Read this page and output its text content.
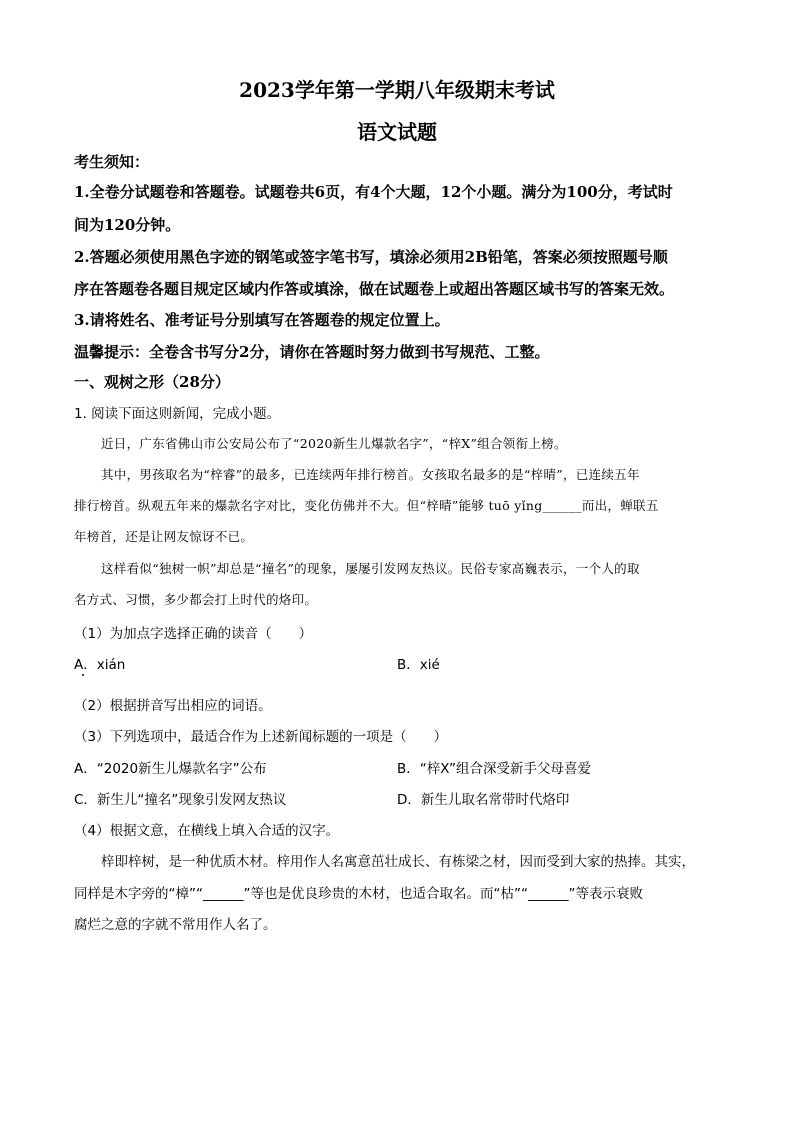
2023学年第一学期八年级期末考试
语文试题
考生须知：
1.全卷分试题卷和答题卷。试题卷共6页，有4个大题，12个小题。满分为100分，考试时
间为120分钟。
2.答题必须使用黑色字迹的钢笔或签字笔书写，填涂必须用2B铅笔，答案必须按照题号顺
序在答题卷各题目规定区域内作答或填涂，做在试题卷上或超出答题区域书写的答案无效。
3.请将姓名、准考证号分别填写在答题卷的规定位置上。
温馨提示：全卷含书写分2分，请你在答题时努力做到书写规范、工整。
一、观树之形（28分）
1. 阅读下面这则新闻，完成小题。
近日，广东省佛山市公安局公布了“2020新生儿爆款名字”，“梓X”组合领衔上榜。
其中，男孩取名为“梓睿”的最多，已连续两年排行榜首。女孩取名最多的是“梓晴”，已连续五年
排行榜首。纵观五年来的爆款名字对比，变化仿佛并不大。但“梓晴”能够 tuō yǐng______而出，蝉联五
年榜首，还是让网友惊讶不已。
这样看似“独树一帜”却总是“撞名”的现象，屡屡引发网友热议。民俗专家高巍表示，一个人的取
名方式、习惯，多少都会打上时代的烙印。
（1）为加点字选择正确的读音（　　）
A．xián	B．xié
（2）根据拼音写出相应的词语。
（3）下列选项中，最适合作为上述新闻标题的一项是（　　）
A．“2020新生儿爆款名字”公布	B．“梓X”组合深受新手父母喜爱
C．新生儿“撞名”现象引发网友热议	D．新生儿取名常带时代烙印
（4）根据文意，在横线上填入合适的汉字。
梓即梓树，是一种优质木材。梓用作人名寓意茁壮成长、有栋梁之材，因而受到大家的热捧。其实，
同样是木字旁的“樟”“______”等也是优良珍贵的木材，也适合取名。而“枯”“______”等表示衰败
腐烂之意的字就不常用作人名了。
